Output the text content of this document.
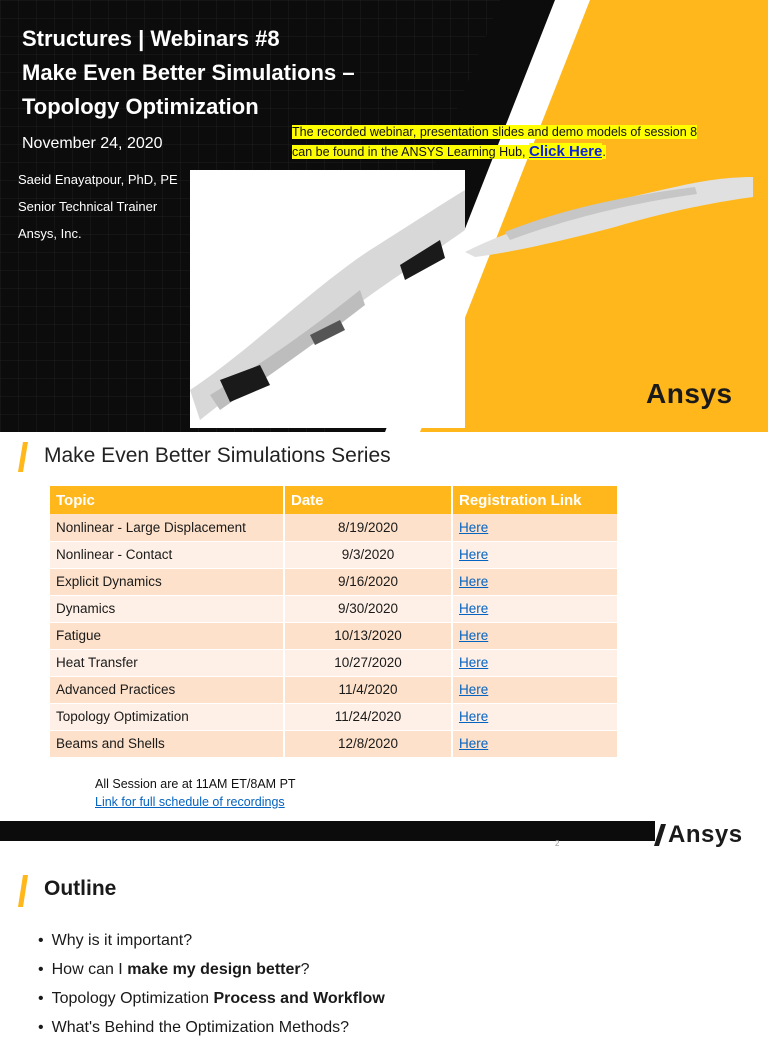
Structures | Webinars #8
Make Even Better Simulations –
Topology Optimization
November 24, 2020
Saeid Enayatpour, PhD, PE
Senior Technical Trainer
Ansys, Inc.
The recorded webinar, presentation slides and demo models of session 8
can be found in the ANSYS Learning Hub, Click Here.
Ansys
Make Even Better Simulations Series
Topic	Date	Registration Link
Nonlinear - Large Displacement	8/19/2020	Here
Nonlinear - Contact	9/3/2020	Here
Explicit Dynamics	9/16/2020	Here
Dynamics	9/30/2020	Here
Fatigue	10/13/2020	Here
Heat Transfer	10/27/2020	Here
Advanced Practices	11/4/2020	Here
Topology Optimization	11/24/2020	Here
Beams and Shells	12/8/2020	Here
All Session are at 11AM ET/8AM PT
Link for full schedule of recordings
Ansys
2
Outline
• Why is it important?
• How can I make my design better?
• Topology Optimization Process and Workflow
• What's Behind the Optimization Methods?
